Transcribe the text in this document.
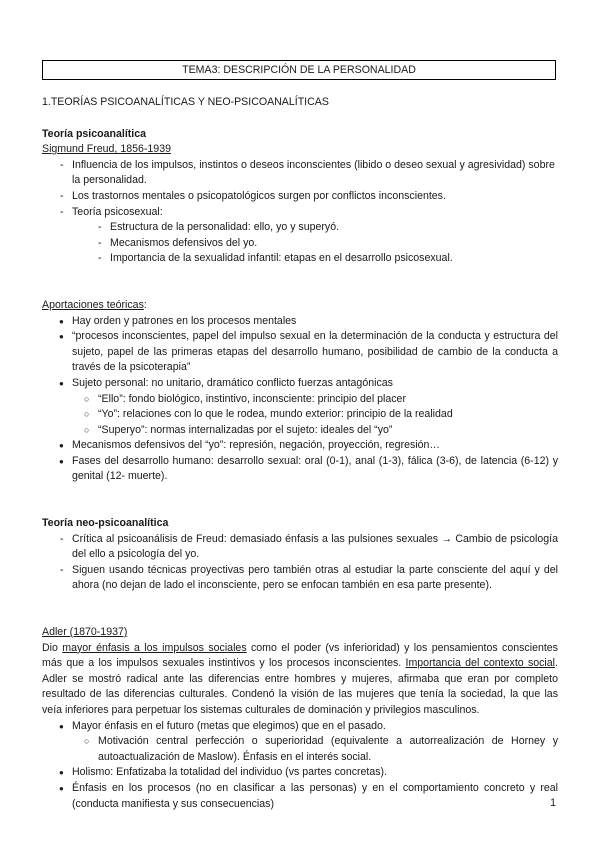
TEMA3: DESCRIPCIÓN DE LA PERSONALIDAD

1.TEORÍAS PSICOANALÍTICAS Y NEO-PSICOANALÍTICAS

Teoría psicoanalítica

Sigmund Freud, 1856-1939

- Influencia de los impulsos, instintos o deseos inconscientes (libido o deseo sexual y agresividad) sobre la personalidad.
- Los trastornos mentales o psicopatológicos surgen por conflictos inconscientes.
- Teoría psicosexual:
- Estructura de la personalidad: ello, yo y superyó.
- Mecanismos defensivos del yo.
- Importancia de la sexualidad infantil: etapas en el desarrollo psicosexual.

Aportaciones teóricas:

● Hay orden y patrones en los procesos mentales
● “procesos inconscientes, papel del impulso sexual en la determinación de la conducta y estructura del sujeto, papel de las primeras etapas del desarrollo humano, posibilidad de cambio de la conducta a través de la psicoterapia”
● Sujeto personal: no unitario, dramático conflicto fuerzas antagónicas
○ “Ello”: fondo biológico, instintivo, inconsciente: principio del placer
○ “Yo”: relaciones con lo que le rodea, mundo exterior: principio de la realidad
○ “Superyo”: normas internalizadas por el sujeto: ideales del “yo”
● Mecanismos defensivos del “yo”: represión, negación, proyección, regresión…
● Fases del desarrollo humano: desarrollo sexual: oral (0-1), anal (1-3), fálica (3-6), de latencia (6-12) y genital (12- muerte).

Teoría neo-psicoanalítica

- Crítica al psicoanálisis de Freud: demasiado énfasis a las pulsiones sexuales → Cambio de psicología del ello a psicología del yo.
- Siguen usando técnicas proyectivas pero también otras al estudiar la parte consciente del aquí y del ahora (no dejan de lado el inconsciente, pero se enfocan también en esa parte presente).

Adler (1870-1937)

Dio mayor énfasis a los impulsos sociales como el poder (vs inferioridad) y los pensamientos conscientes más que a los impulsos sexuales instintivos y los procesos inconscientes. Importancia del contexto social. Adler se mostró radical ante las diferencias entre hombres y mujeres, afirmaba que eran por completo resultado de las diferencias culturales. Condenó la visión de las mujeres que tenía la sociedad, la que las veía inferiores para perpetuar los sistemas culturales de dominación y privilegios masculinos.

● Mayor énfasis en el futuro (metas que elegimos) que en el pasado.
○ Motivación central perfección o superioridad (equivalente a autorrealización de Horney y autoactualización de Maslow). Énfasis en el interés social.
● Holismo: Enfatizaba la totalidad del individuo (vs partes concretas).
● Énfasis en los procesos (no en clasificar a las personas) y en el comportamiento concreto y real (conducta manifiesta y sus consecuencias)	1
